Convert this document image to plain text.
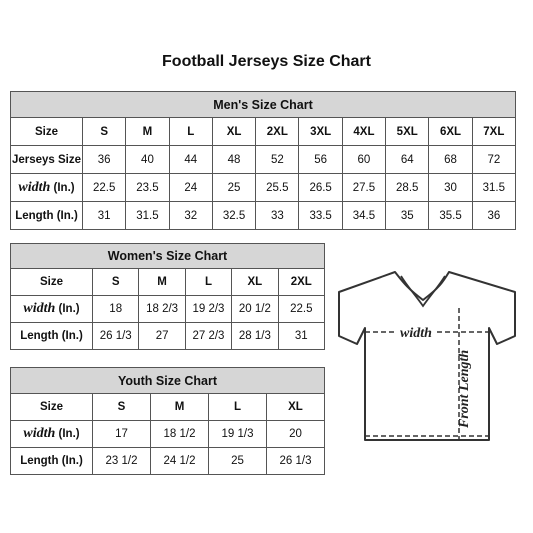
Football Jerseys Size Chart
Men's Size Chart										
Size	S	M	L	XL	2XL	3XL	4XL	5XL	6XL	7XL
Jerseys Size	36	40	44	48	52	56	60	64	68	72
width (In.)	22.5	23.5	24	25	25.5	26.5	27.5	28.5	30	31.5
Length (In.)	31	31.5	32	32.5	33	33.5	34.5	35	35.5	36
Women's Size Chart					
Size	S	M	L	XL	2XL
width (In.)	18	18 2/3	19 2/3	20 1/2	22.5
Length (In.)	26 1/3	27	27 2/3	28 1/3	31
Youth Size Chart				
Size	S	M	L	XL
width (In.)	17	18 1/2	19 1/3	20
Length (In.)	23 1/2	24 1/2	25	26 1/3
width
Front Length
